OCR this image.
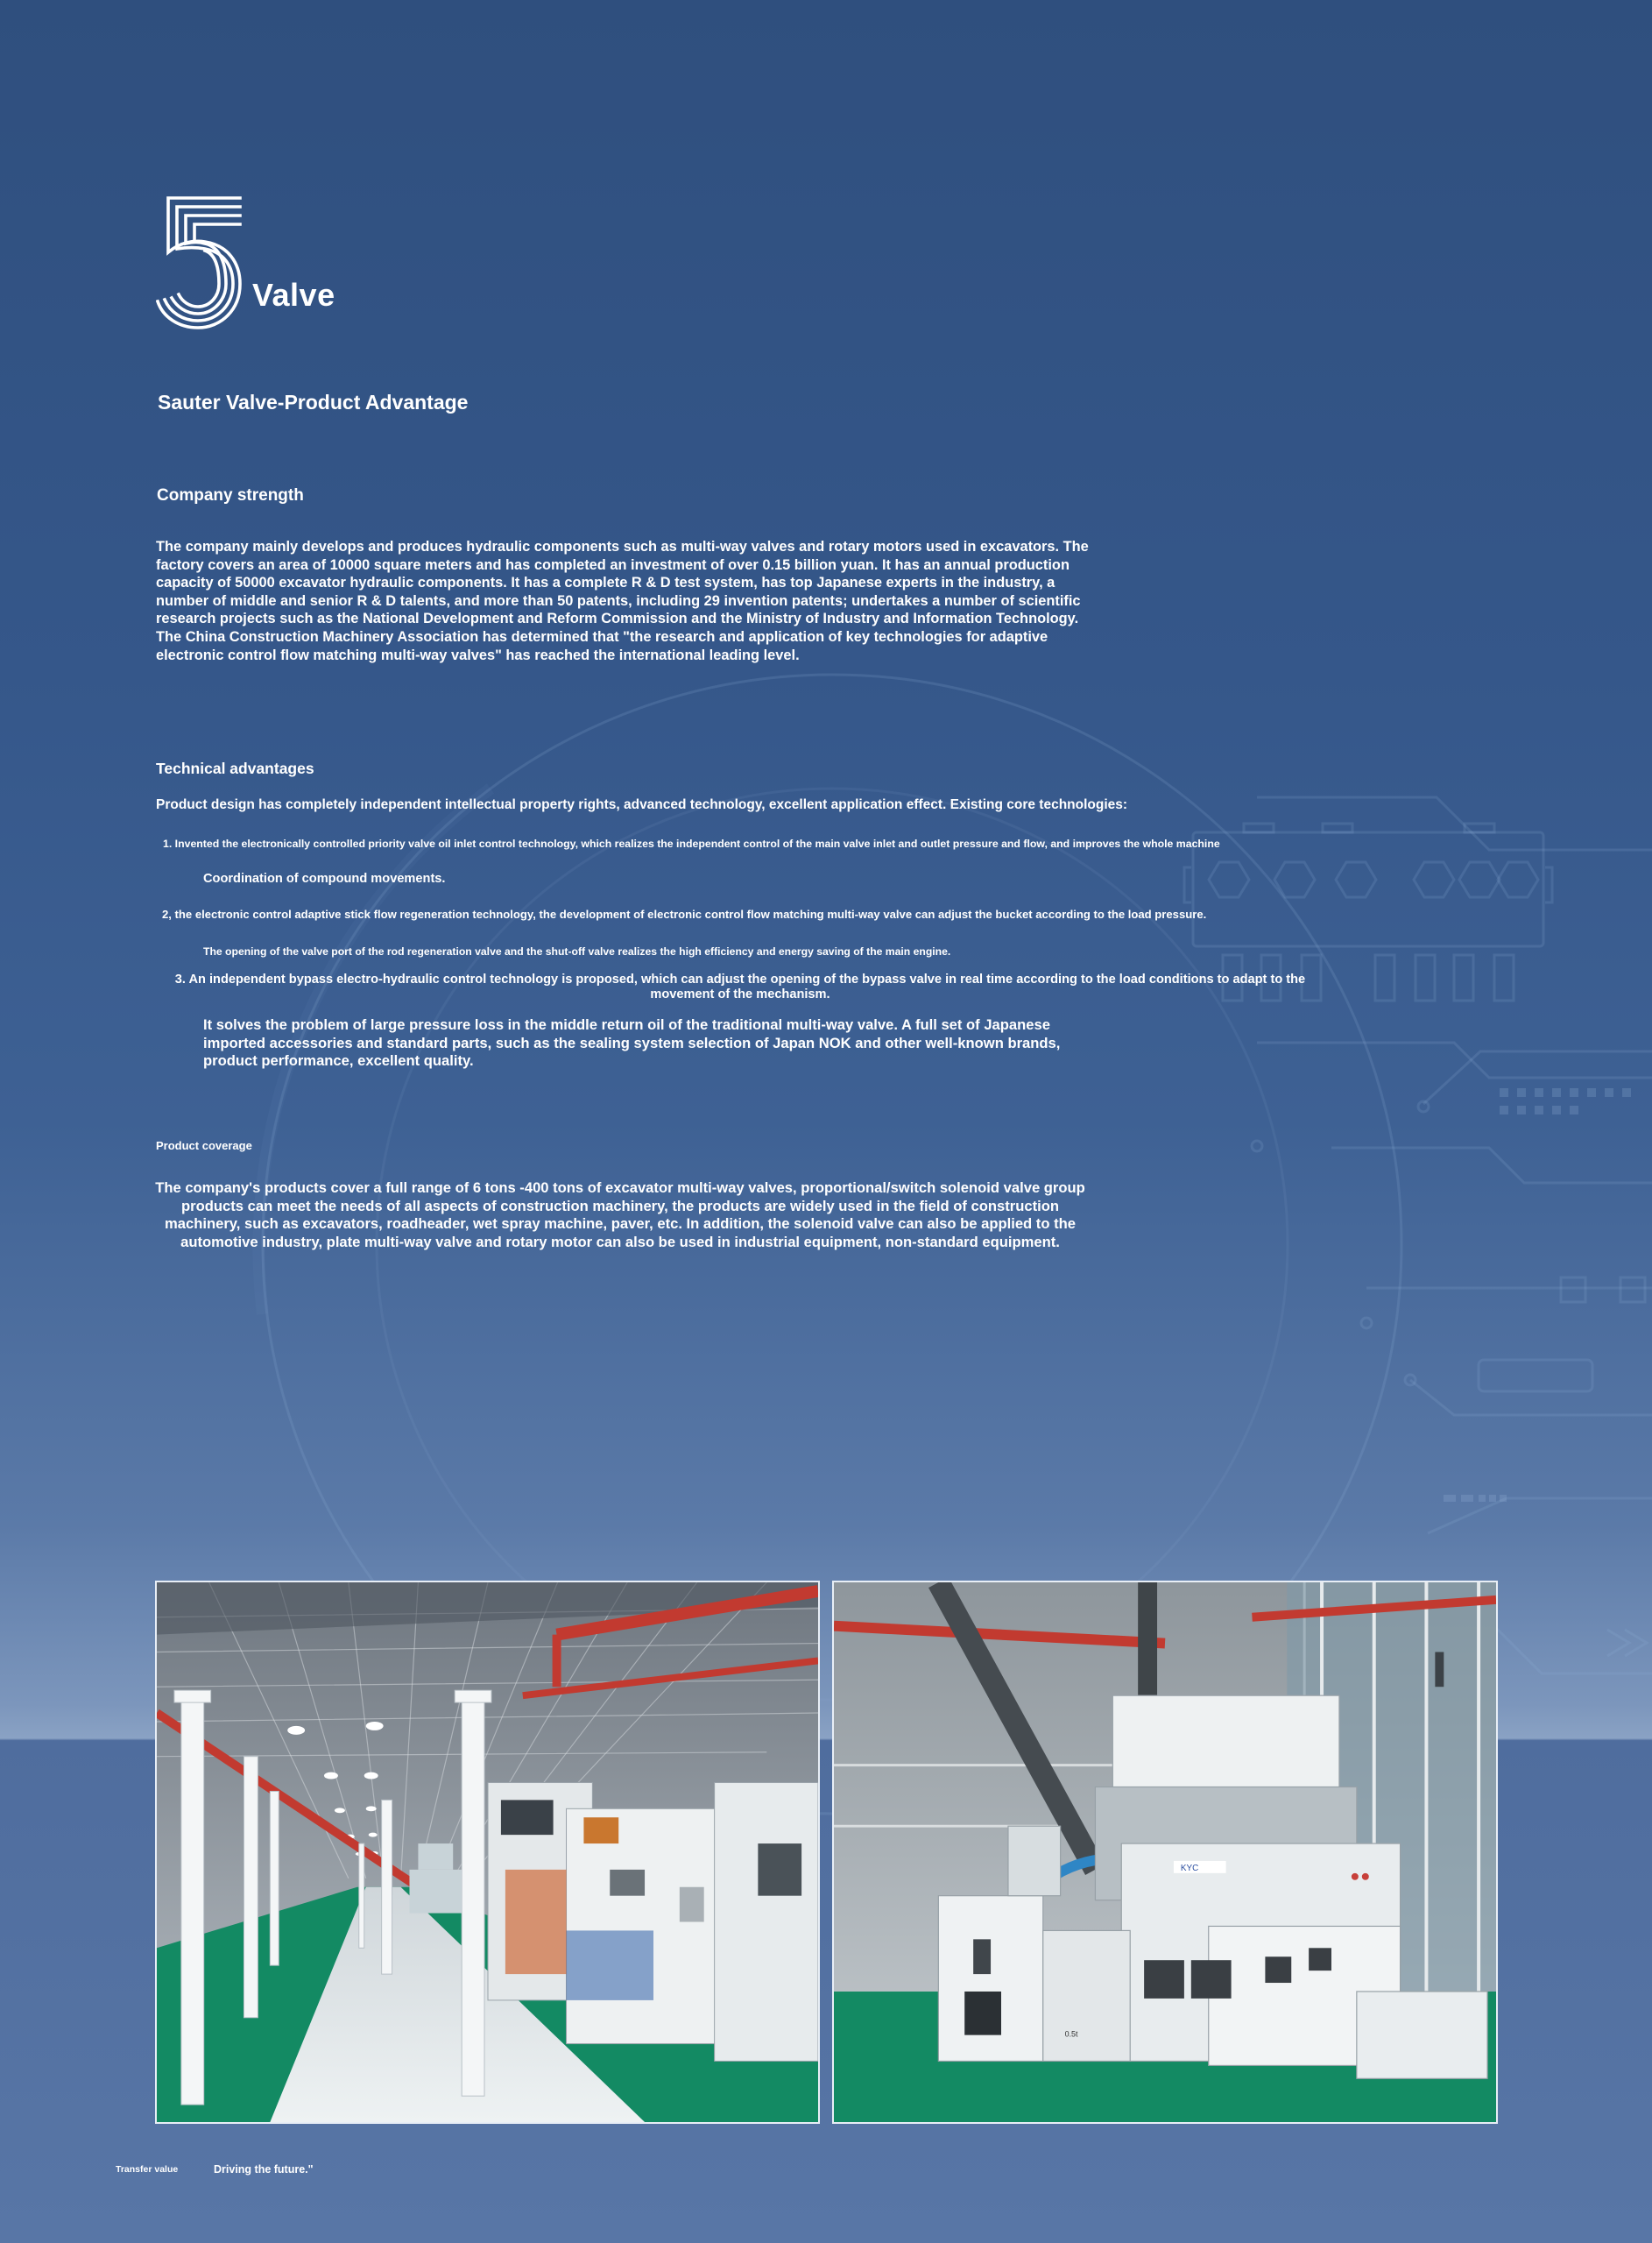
Valve
Sauter Valve-Product Advantage
Company strength

The company mainly develops and produces hydraulic components such as multi-way valves and rotary motors used in excavators. The factory covers an area of 10000 square meters and has completed an investment of over 0.15 billion yuan. It has an annual production capacity of 50000 excavator hydraulic components. It has a complete R & D test system, has top Japanese experts in the industry, a number of middle and senior R & D talents, and more than 50 patents, including 29 invention patents; undertakes a number of scientific research projects such as the National Development and Reform Commission and the Ministry of Industry and Information Technology. The China Construction Machinery Association has determined that "the research and application of key technologies for adaptive electronic control flow matching multi-way valves" has reached the international leading level.

Technical advantages

Product design has completely independent intellectual property rights, advanced technology, excellent application effect. Existing core technologies:

1. Invented the electronically controlled priority valve oil inlet control technology, which realizes the independent control of the main valve inlet and outlet pressure and flow, and improves the whole machine

Coordination of compound movements.

2, the electronic control adaptive stick flow regeneration technology, the development of electronic control flow matching multi-way valve can adjust the bucket according to the load pressure.

The opening of the valve port of the rod regeneration valve and the shut-off valve realizes the high efficiency and energy saving of the main engine.

3. An independent bypass electro-hydraulic control technology is proposed, which can adjust the opening of the bypass valve in real time according to the load conditions to adapt to the movement of the mechanism.

It solves the problem of large pressure loss in the middle return oil of the traditional multi-way valve. A full set of Japanese imported accessories and standard parts, such as the sealing system selection of Japan NOK and other well-known brands, product performance, excellent quality.

Product coverage

The company's products cover a full range of 6 tons -400 tons of excavator multi-way valves, proportional/switch solenoid valve group products can meet the needs of all aspects of construction machinery, the products are widely used in the field of construction machinery, such as excavators, roadheader, wet spray machine, paver, etc. In addition, the solenoid valve can also be applied to the automotive industry, plate multi-way valve and rotary motor can also be used in industrial equipment, non-standard equipment.

KYC
0.5t
Transfer value	Driving the future."
